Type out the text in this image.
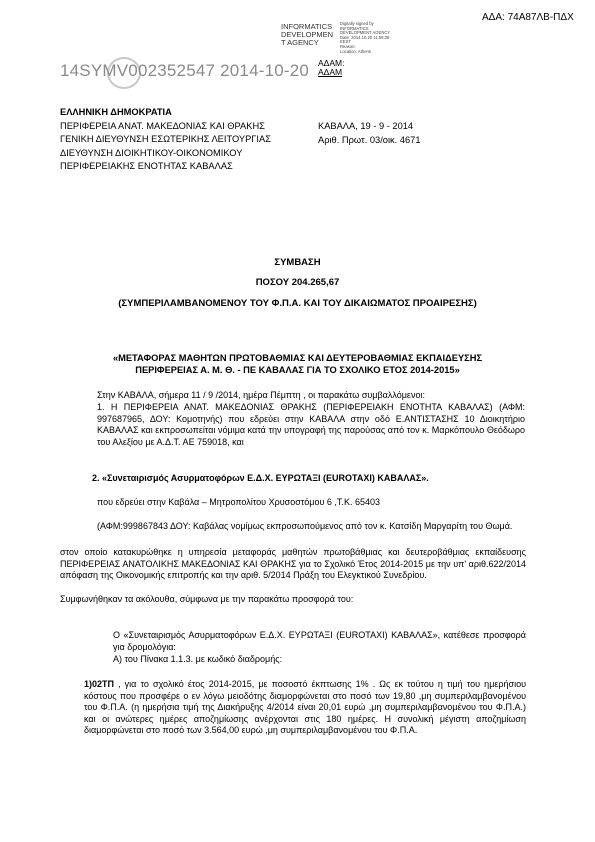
ΑΔΑ: 74Α87ΛΒ-ΠΔΧ
INFORMATICS
DEVELOPMEN
T AGENCY
Digitally signed by
INFORMATICS
DEVELOPMENT AGENCY
Date: 2014.10.20 11:59:38
EEST
Reason:
Location: Athens
14SYMV002352547 2014-10-20 ΑΔΑΜ:
ΑΔΑΜ
ΕΛΛΗΝΙΚΗ ΔΗΜΟΚΡΑΤΙΑ
ΠΕΡΙΦΕΡΕΙΑ ΑΝΑΤ. ΜΑΚΕΔΟΝΙΑΣ ΚΑΙ ΘΡΑΚΗΣ
ΓΕΝΙΚΗ ΔΙΕΥΘΥΝΣΗ ΕΣΩΤΕΡΙΚΗΣ ΛΕΙΤΟΥΡΓΙΑΣ
ΔΙΕΥΘΥΝΣΗ ΔΙΟΙΚΗΤΙΚΟΥ-ΟΙΚΟΝΟΜΙΚΟΥ
ΠΕΡΙΦΕΡΕΙΑΚΗΣ ΕΝΟΤΗΤΑΣ ΚΑΒΑΛΑΣ
ΚΑΒΑΛΑ, 19 - 9 - 2014
Αριθ. Πρωτ. 03/οικ. 4671
ΣΥΜΒΑΣΗ
ΠΟΣΟΥ 204.265,67
(ΣΥΜΠΕΡΙΛΑΜΒΑΝΟΜΕΝΟΥ ΤΟΥ Φ.Π.Α. ΚΑΙ ΤΟΥ ΔΙΚΑΙΩΜΑΤΟΣ ΠΡΟΑΙΡΕΣΗΣ)
«ΜΕΤΑΦΟΡΑΣ ΜΑΘΗΤΩΝ ΠΡΩΤΟΒΑΘΜΙΑΣ ΚΑΙ ΔΕΥΤΕΡΟΒΑΘΜΙΑΣ ΕΚΠΑΙΔΕΥΣΗΣ
ΠΕΡΙΦΕΡΕΙΑΣ Α. Μ. Θ. - ΠΕ ΚΑΒΑΛΑΣ ΓΙΑ ΤΟ ΣΧΟΛΙΚΟ ΕΤΟΣ 2014-2015»
Στην ΚΑΒΑΛΑ, σήμερα 11 / 9 /2014, ημέρα Πέμπτη , οι παρακάτω συμβαλλόμενοι:
1. Η ΠΕΡΙΦΕΡΕΙΑ ΑΝΑΤ. ΜΑΚΕΔΟΝΙΑΣ ΘΡΑΚΗΣ (ΠΕΡΙΦΕΡΕΙΑΚΗ ΕΝΟΤΗΤΑ ΚΑΒΑΛΑΣ) (ΑΦΜ: 997687965, ΔΟΥ: Κομοτηνής) που εδρεύει στην ΚΑΒΑΛΑ στην οδό Ε.ΑΝΤΙΣΤΑΣΗΣ 10 Διοικητήριο ΚΑΒΑΛΑΣ και εκπροσωπείται νόμιμα κατά την υπογραφή της παρούσας από τον κ. Μαρκόπουλο Θεόδωρο του Αλεξίου με Α.Δ.Τ. ΑΕ 759018, και
2. «Συνεταιρισμός Ασυρματοφόρων Ε.Δ.Χ. ΕΥΡΩΤΑΞΙ (EUROTAXI) ΚΑΒΑΛΑΣ».
που εδρεύει στην Καβάλα – Μητροπολίτου Χρυσοστόμου 6 ,Τ.Κ. 65403
(ΑΦΜ:999867843 ΔΟΥ: Καβάλας νομίμως εκπροσωπούμενος από τον κ. Κατσίδη Μαργαρίτη του Θωμά.
στον οποίο κατακυρώθηκε η υπηρεσία μεταφοράς μαθητών πρωτοβάθμιας και δευτεροβάθμιας εκπαίδευσης ΠΕΡΙΦΕΡΕΙΑΣ ΑΝΑΤΟΛΙΚΗΣ ΜΑΚΕΔΟΝΙΑΣ ΚΑΙ ΘΡΑΚΗΣ για το Σχολικό Έτος 2014-2015 με την υπ' αριθ.622/2014 απόφαση της Οικονομικής επιτροπής και την αριθ. 5/2014 Πράξη του Ελεγκτικού Συνεδρίου.
Συμφωνήθηκαν τα ακόλουθα, σύμφωνα με την παρακάτω προσφορά του:
Ο «Συνεταιρισμός Ασυρματοφόρων Ε.Δ.Χ. ΕΥΡΩΤΑΞΙ (EUROTAXI) ΚΑΒΑΛΑΣ», κατέθεσε προσφορά για δρομολόγια:
Α) του Πίνακα 1.1.3. με κωδικό διαδρομής:
1)02ΤΠ , για το σχολικό έτος 2014-2015, με ποσοστό έκπτωσης 1% . Ως εκ τούτου η τιμή του ημερήσιου κόστους που προσφέρε ο εν λόγω μειοδότης διαμορφώνεται στο ποσό των 19,80 ,μη συμπεριλαμβανομένου του Φ.Π.Α. (η ημερήσια τιμή της Διακήρυξης 4/2014 είναι 20,01 ευρώ ,μη συμπεριλαμβανομένου του Φ.Π.Α.) και οι ανώτερες ημέρες αποζημίωσης ανέρχονται στις 180 ημέρες. Η συνολική μέγιστη αποζημίωση διαμορφώνεται στο ποσό των 3.564,00 ευρώ ,μη συμπεριλαμβανομένου του Φ.Π.Α.
